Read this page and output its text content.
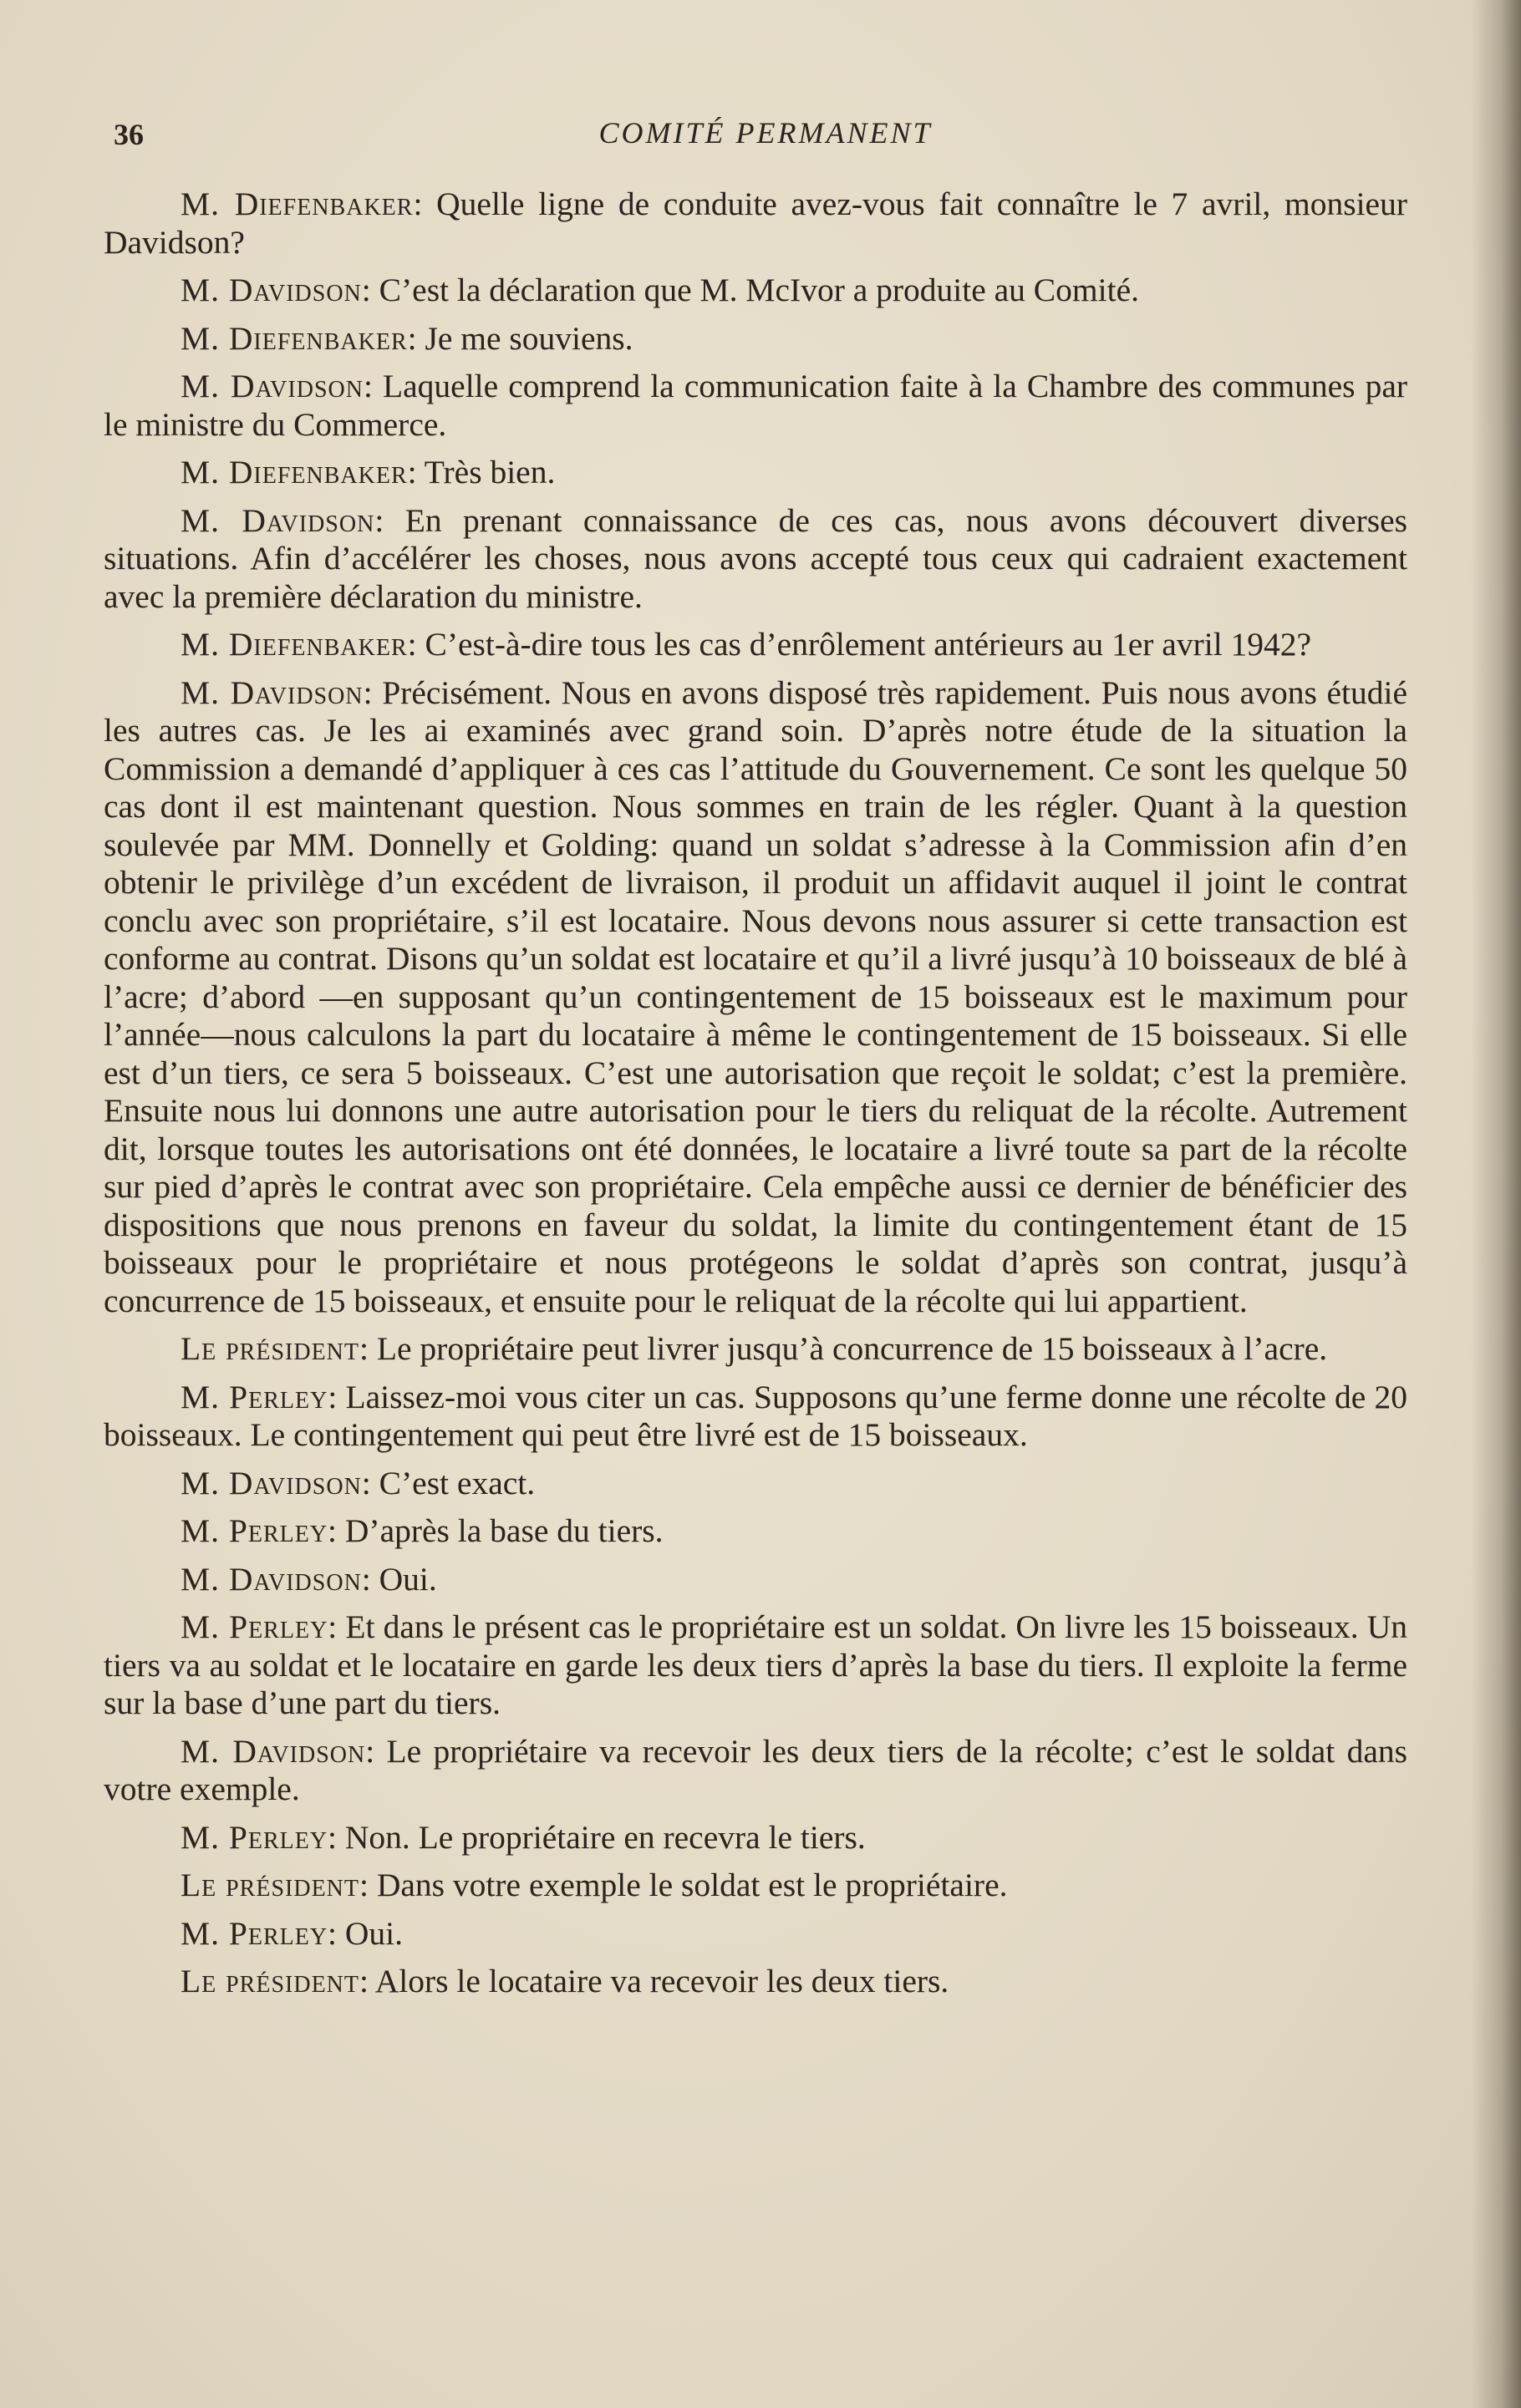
36	COMITÉ PERMANENT

M. Diefenbaker: Quelle ligne de conduite avez-vous fait connaître le 7 avril, monsieur Davidson?

M. Davidson: C’est la déclaration que M. McIvor a produite au Comité.

M. Diefenbaker: Je me souviens.

M. Davidson: Laquelle comprend la communication faite à la Chambre des communes par le ministre du Commerce.

M. Diefenbaker: Très bien.

M. Davidson: En prenant connaissance de ces cas, nous avons découvert diverses situations. Afin d’accélérer les choses, nous avons accepté tous ceux qui cadraient exactement avec la première déclaration du ministre.

M. Diefenbaker: C’est-à-dire tous les cas d’enrôlement antérieurs au 1er avril 1942?

M. Davidson: Précisément. Nous en avons disposé très rapidement. Puis nous avons étudié les autres cas. Je les ai examinés avec grand soin. D’après notre étude de la situation la Commission a demandé d’appliquer à ces cas l’attitude du Gouvernement. Ce sont les quelque 50 cas dont il est maintenant question. Nous sommes en train de les régler. Quant à la question soulevée par MM. Donnelly et Golding: quand un soldat s’adresse à la Commission afin d’en obtenir le privilège d’un excédent de livraison, il produit un affidavit auquel il joint le contrat conclu avec son propriétaire, s’il est locataire. Nous devons nous assurer si cette transaction est conforme au contrat. Disons qu’un soldat est locataire et qu’il a livré jusqu’à 10 boisseaux de blé à l’acre; d’abord —en supposant qu’un contingentement de 15 boisseaux est le maximum pour l’année—nous calculons la part du locataire à même le contingentement de 15 boisseaux. Si elle est d’un tiers, ce sera 5 boisseaux. C’est une autorisation que reçoit le soldat; c’est la première. Ensuite nous lui donnons une autre autorisation pour le tiers du reliquat de la récolte. Autrement dit, lorsque toutes les autorisations ont été données, le locataire a livré toute sa part de la récolte sur pied d’après le contrat avec son propriétaire. Cela empêche aussi ce dernier de bénéficier des dispositions que nous prenons en faveur du soldat, la limite du contingentement étant de 15 boisseaux pour le propriétaire et nous protégeons le soldat d’après son contrat, jusqu’à concurrence de 15 boisseaux, et ensuite pour le reliquat de la récolte qui lui appartient.

Le président: Le propriétaire peut livrer jusqu’à concurrence de 15 boisseaux à l’acre.

M. Perley: Laissez-moi vous citer un cas. Supposons qu’une ferme donne une récolte de 20 boisseaux. Le contingentement qui peut être livré est de 15 boisseaux.

M. Davidson: C’est exact.

M. Perley: D’après la base du tiers.

M. Davidson: Oui.

M. Perley: Et dans le présent cas le propriétaire est un soldat. On livre les 15 boisseaux. Un tiers va au soldat et le locataire en garde les deux tiers d’après la base du tiers. Il exploite la ferme sur la base d’une part du tiers.

M. Davidson: Le propriétaire va recevoir les deux tiers de la récolte; c’est le soldat dans votre exemple.

M. Perley: Non. Le propriétaire en recevra le tiers.

Le président: Dans votre exemple le soldat est le propriétaire.

M. Perley: Oui.

Le président: Alors le locataire va recevoir les deux tiers.
